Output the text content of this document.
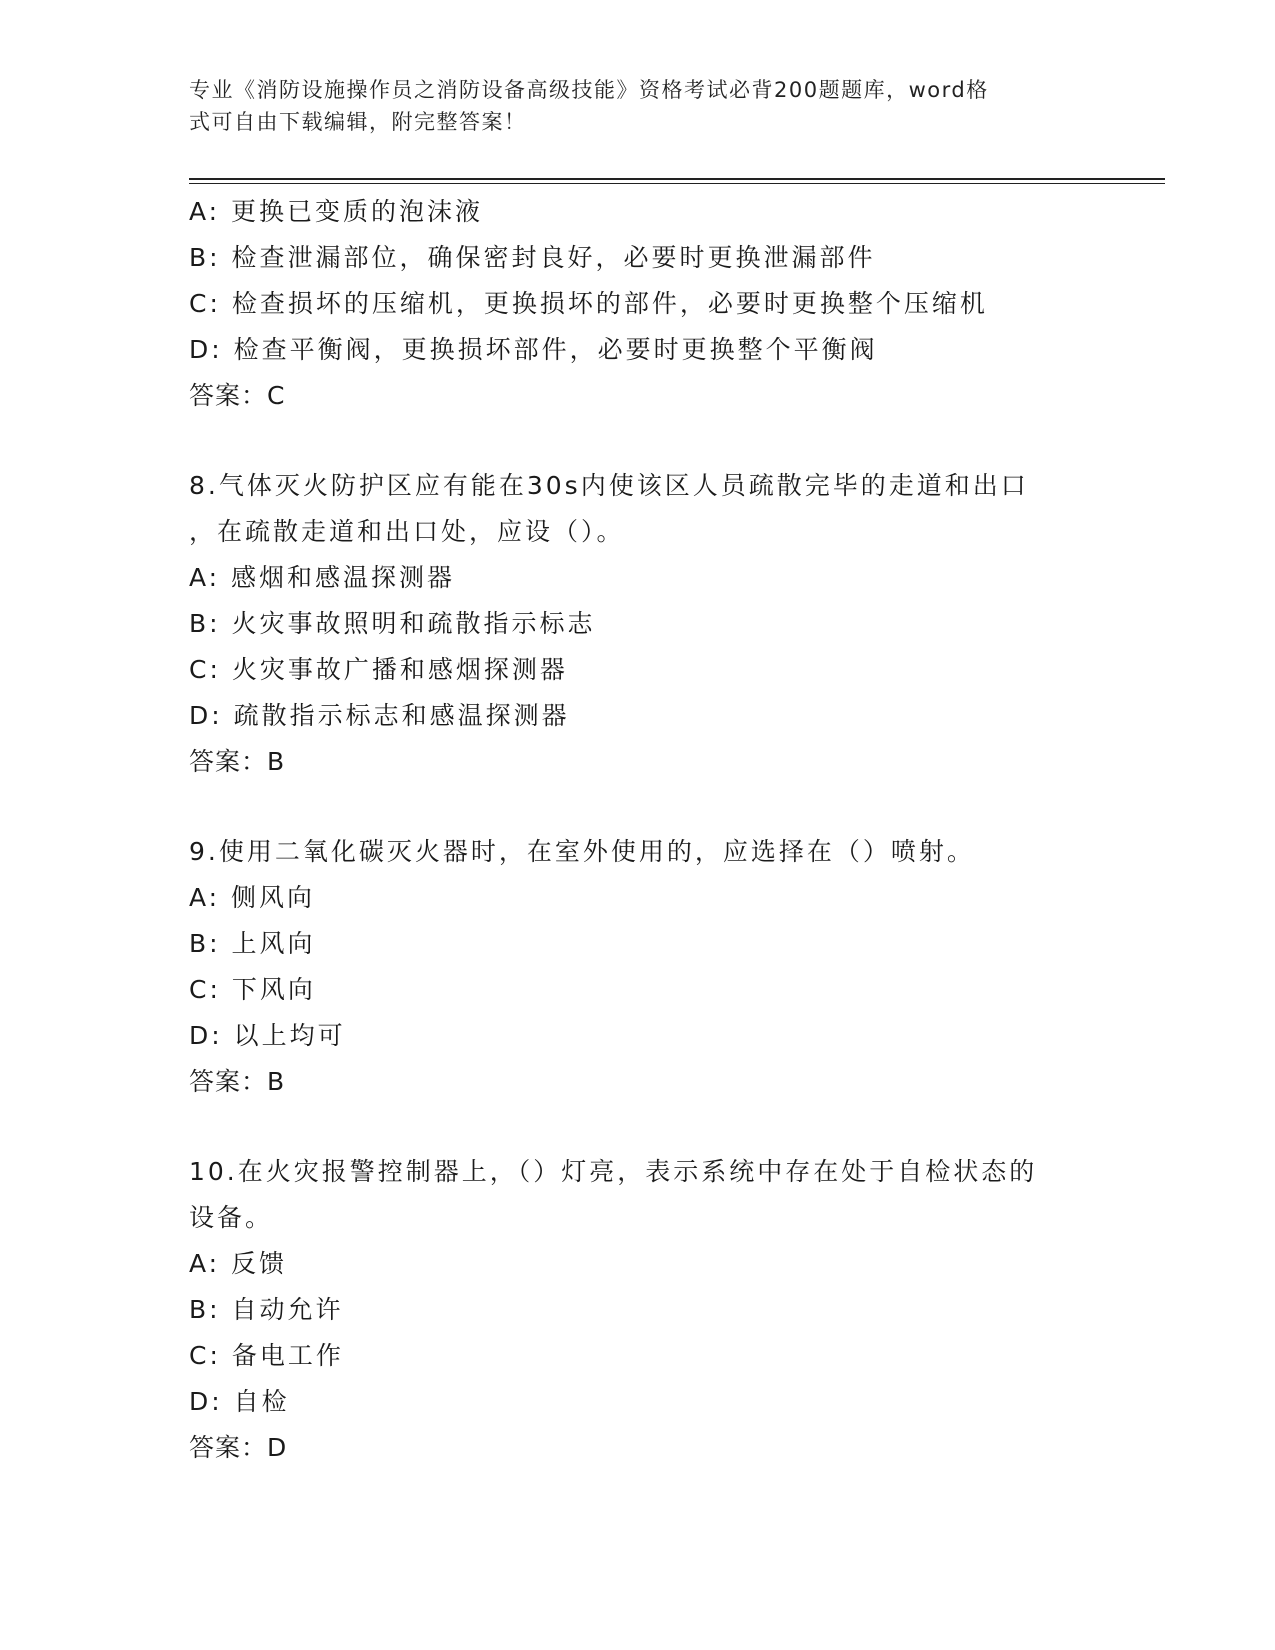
专业《消防设施操作员之消防设备高级技能》资格考试必背200题题库，word格
式可自由下载编辑，附完整答案！
A: 更换已变质的泡沫液
B: 检查泄漏部位，确保密封良好，必要时更换泄漏部件
C: 检查损坏的压缩机，更换损坏的部件，必要时更换整个压缩机
D: 检查平衡阀，更换损坏部件，必要时更换整个平衡阀
答案：C
8.气体灭火防护区应有能在30s内使该区人员疏散完毕的走道和出口
，在疏散走道和出口处，应设（）。
A: 感烟和感温探测器
B: 火灾事故照明和疏散指示标志
C: 火灾事故广播和感烟探测器
D: 疏散指示标志和感温探测器
答案：B
9.使用二氧化碳灭火器时，在室外使用的，应选择在（）喷射。
A: 侧风向
B: 上风向
C: 下风向
D: 以上均可
答案：B
10.在火灾报警控制器上，（）灯亮，表示系统中存在处于自检状态的
设备。
A: 反馈
B: 自动允许
C: 备电工作
D: 自检
答案：D
